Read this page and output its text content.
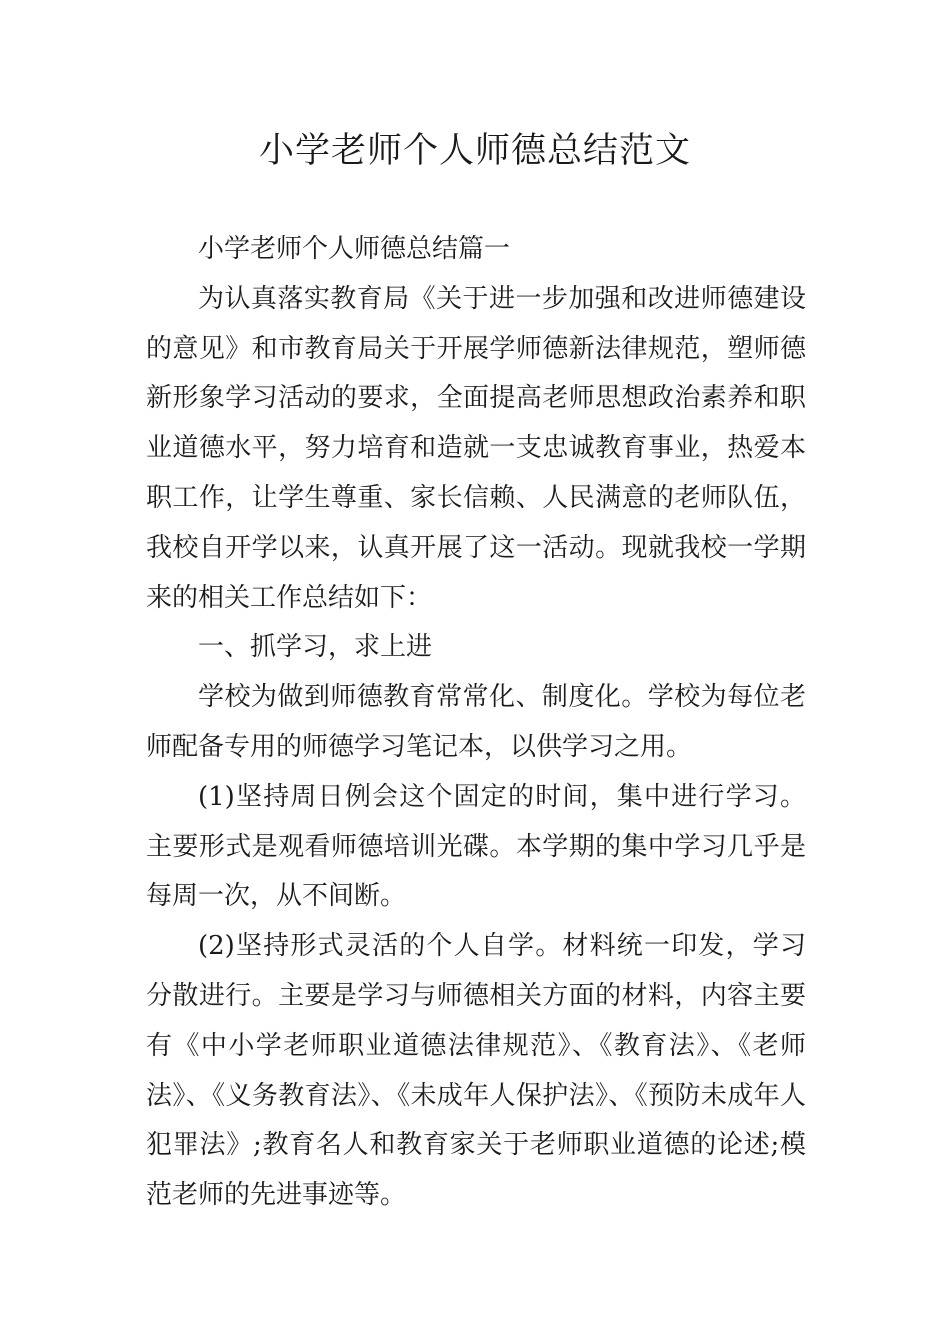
小学老师个人师德总结范文

小学老师个人师德总结篇一

为认真落实教育局《关于进一步加强和改进师德建设的意见》和市教育局关于开展学师德新法律规范，塑师德新形象学习活动的要求，全面提高老师思想政治素养和职业道德水平，努力培育和造就一支忠诚教育事业，热爱本职工作，让学生尊重、家长信赖、人民满意的老师队伍，我校自开学以来，认真开展了这一活动。现就我校一学期来的相关工作总结如下：

一、抓学习，求上进

学校为做到师德教育常常化、制度化。学校为每位老师配备专用的师德学习笔记本，以供学习之用。

(1)坚持周日例会这个固定的时间，集中进行学习。主要形式是观看师德培训光碟。本学期的集中学习几乎是每周一次，从不间断。

(2)坚持形式灵活的个人自学。材料统一印发，学习分散进行。主要是学习与师德相关方面的材料，内容主要有《中小学老师职业道德法律规范》、《教育法》、《老师法》、《义务教育法》、《未成年人保护法》、《预防未成年人犯罪法》;教育名人和教育家关于老师职业道德的论述;模范老师的先进事迹等。
